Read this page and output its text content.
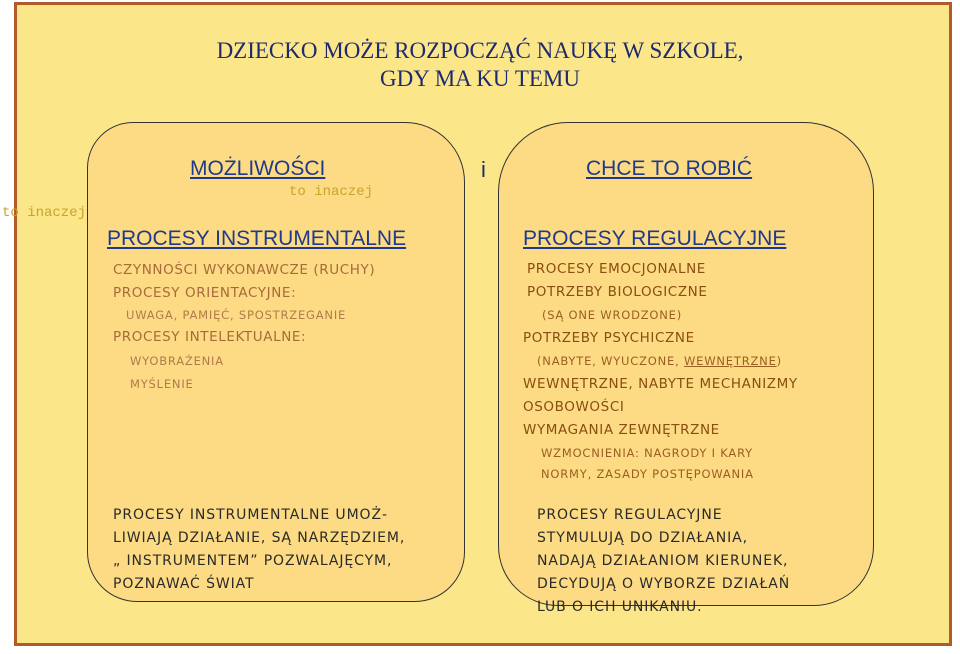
DZIECKO MOŻE ROZPOCZĄĆ NAUKĘ W SZKOLE,
GDY MA KU TEMU
MOŻLIWOŚCI
to inaczej
to inaczej
PROCESY INSTRUMENTALNE
CZYNNOŚCI WYKONAWCZE (RUCHY)
PROCESY ORIENTACYJNE:
UWAGA, PAMIĘĆ, SPOSTRZEGANIE
PROCESY INTELEKTUALNE:
WYOBRAŻENIA
MYŚLENIE
PROCESY INSTRUMENTALNE UMOŻ-
LIWIAJĄ DZIAŁANIE, SĄ NARZĘDZIEM,
„ INSTRUMENTEM” POZWALAJĘCYM,
POZNAWAĆ ŚWIAT
i	CHCE TO ROBIĆ
PROCESY REGULACYJNE
PROCESY EMOCJONALNE
POTRZEBY BIOLOGICZNE
(SĄ ONE WRODZONE)
POTRZEBY PSYCHICZNE
(NABYTE, WYUCZONE, WEWNĘTRZNE)
WEWNĘTRZNE, NABYTE MECHANIZMY
OSOBOWOŚCI
WYMAGANIA ZEWNĘTRZNE
WZMOCNIENIA: NAGRODY I KARY
NORMY, ZASADY POSTĘPOWANIA
PROCESY REGULACYJNE
STYMULUJĄ DO DZIAŁANIA,
NADAJĄ DZIAŁANIOM KIERUNEK,
DECYDUJĄ O WYBORZE DZIAŁAŃ
LUB O ICH UNIKANIU.
